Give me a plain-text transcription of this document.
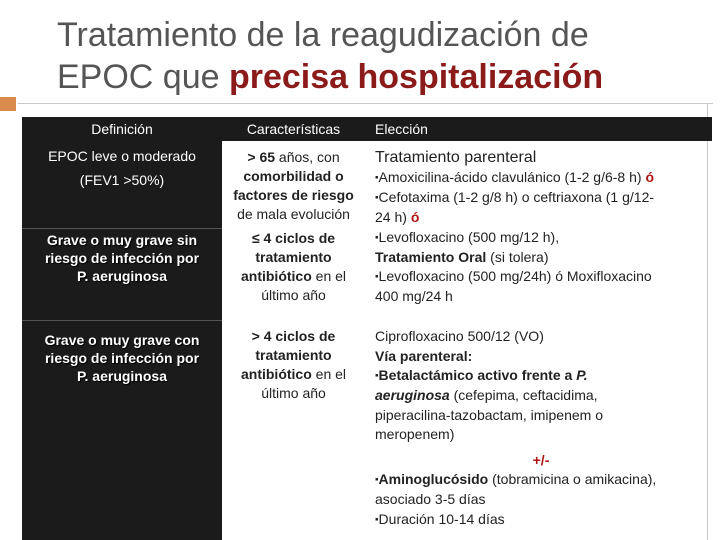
Tratamiento de la reagudización de
EPOC que precisa hospitalización
Definición	Características	Elección
EPOC leve o moderado
(FEV1 >50%)
Grave o muy grave sin
riesgo de infección por
P. aeruginosa
Grave o muy grave con
riesgo de infección por
P. aeruginosa
> 65 años, con
comorbilidad o
factores de riesgo
de mala evolución
≤ 4 ciclos de
tratamiento
antibiótico en el
último año
> 4 ciclos de
tratamiento
antibiótico en el
último año
Tratamiento parenteral
▪Amoxicilina-ácido clavulánico (1-2 g/6-8 h) ó
▪Cefotaxima (1-2 g/8 h) o ceftriaxona (1 g/12-
24 h) ó
▪Levofloxacino (500 mg/12 h),
Tratamiento Oral (si tolera)
▪Levofloxacino (500 mg/24h) ó Moxifloxacino
400 mg/24 h
Ciprofloxacino 500/12 (VO)
Vía parenteral:
▪Betalactámico activo frente a P.
aeruginosa (cefepima, ceftacidima,
piperacilina-tazobactam, imipenem o
meropenem)
+/-
▪Aminoglucósido (tobramicina o amikacina),
asociado 3-5 días
▪Duración 10-14 días
